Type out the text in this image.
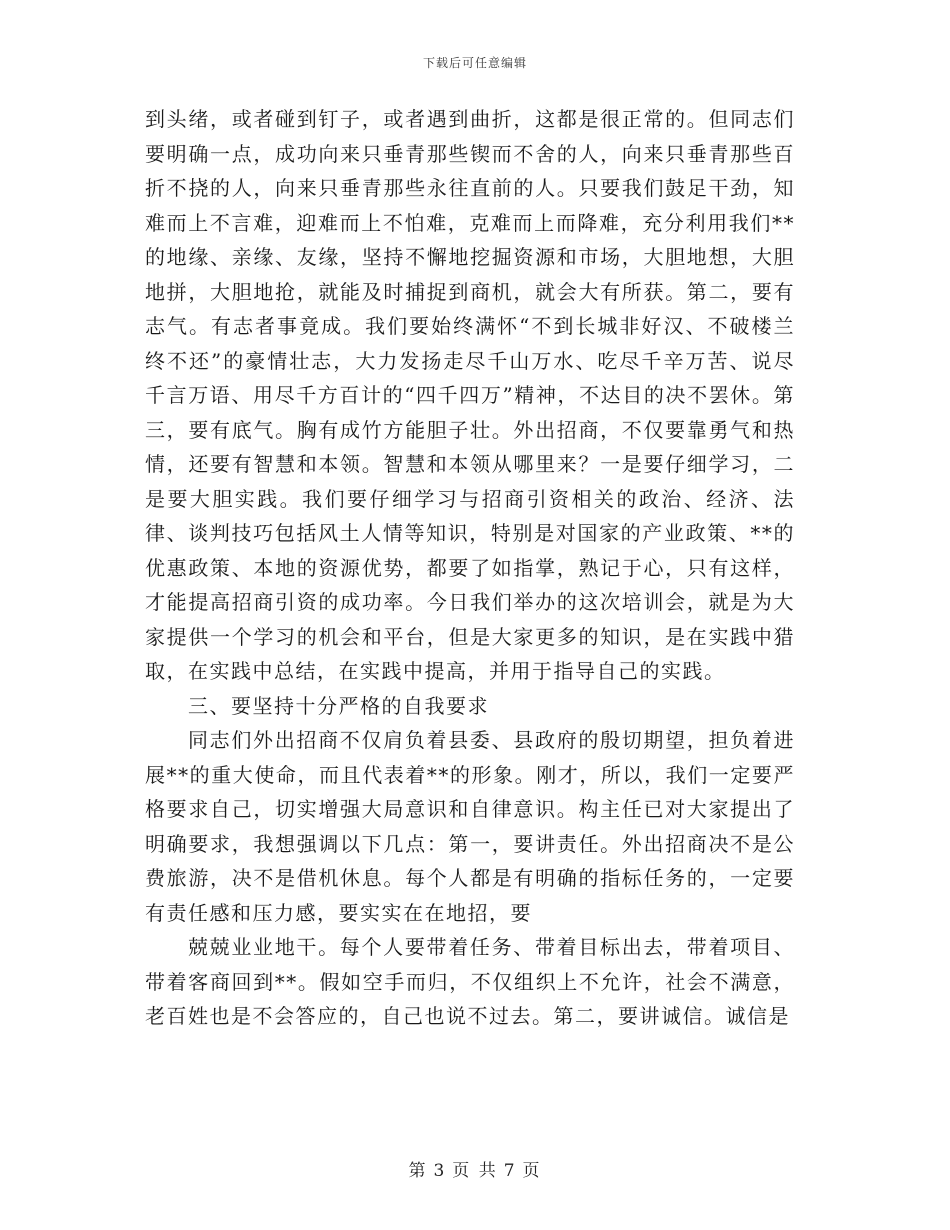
下载后可任意编辑

到头绪，或者碰到钉子，或者遇到曲折，这都是很正常的。但同志们要明确一点，成功向来只垂青那些锲而不舍的人，向来只垂青那些百折不挠的人，向来只垂青那些永往直前的人。只要我们鼓足干劲，知难而上不言难，迎难而上不怕难，克难而上而降难，充分利用我们**的地缘、亲缘、友缘，坚持不懈地挖掘资源和市场，大胆地想，大胆地拼，大胆地抢，就能及时捕捉到商机，就会大有所获。第二，要有志气。有志者事竟成。我们要始终满怀“不到长城非好汉、不破楼兰终不还”的豪情壮志，大力发扬走尽千山万水、吃尽千辛万苦、说尽千言万语、用尽千方百计的“四千四万”精神，不达目的决不罢休。第三，要有底气。胸有成竹方能胆子壮。外出招商，不仅要靠勇气和热情，还要有智慧和本领。智慧和本领从哪里来？一是要仔细学习，二是要大胆实践。我们要仔细学习与招商引资相关的政治、经济、法律、谈判技巧包括风土人情等知识，特别是对国家的产业政策、**的优惠政策、本地的资源优势，都要了如指掌，熟记于心，只有这样，才能提高招商引资的成功率。今日我们举办的这次培训会，就是为大家提供一个学习的机会和平台，但是大家更多的知识，是在实践中猎取，在实践中总结，在实践中提高，并用于指导自己的实践。

三、要坚持十分严格的自我要求

同志们外出招商不仅肩负着县委、县政府的殷切期望，担负着进展**的重大使命，而且代表着**的形象。刚才，所以，我们一定要严格要求自己，切实增强大局意识和自律意识。构主任已对大家提出了明确要求，我想强调以下几点：第一，要讲责任。外出招商决不是公费旅游，决不是借机休息。每个人都是有明确的指标任务的，一定要有责任感和压力感，要实实在在地招，要

兢兢业业地干。每个人要带着任务、带着目标出去，带着项目、带着客商回到**。假如空手而归，不仅组织上不允许，社会不满意，老百姓也是不会答应的，自己也说不过去。第二，要讲诚信。诚信是

第 3 页 共 7 页
